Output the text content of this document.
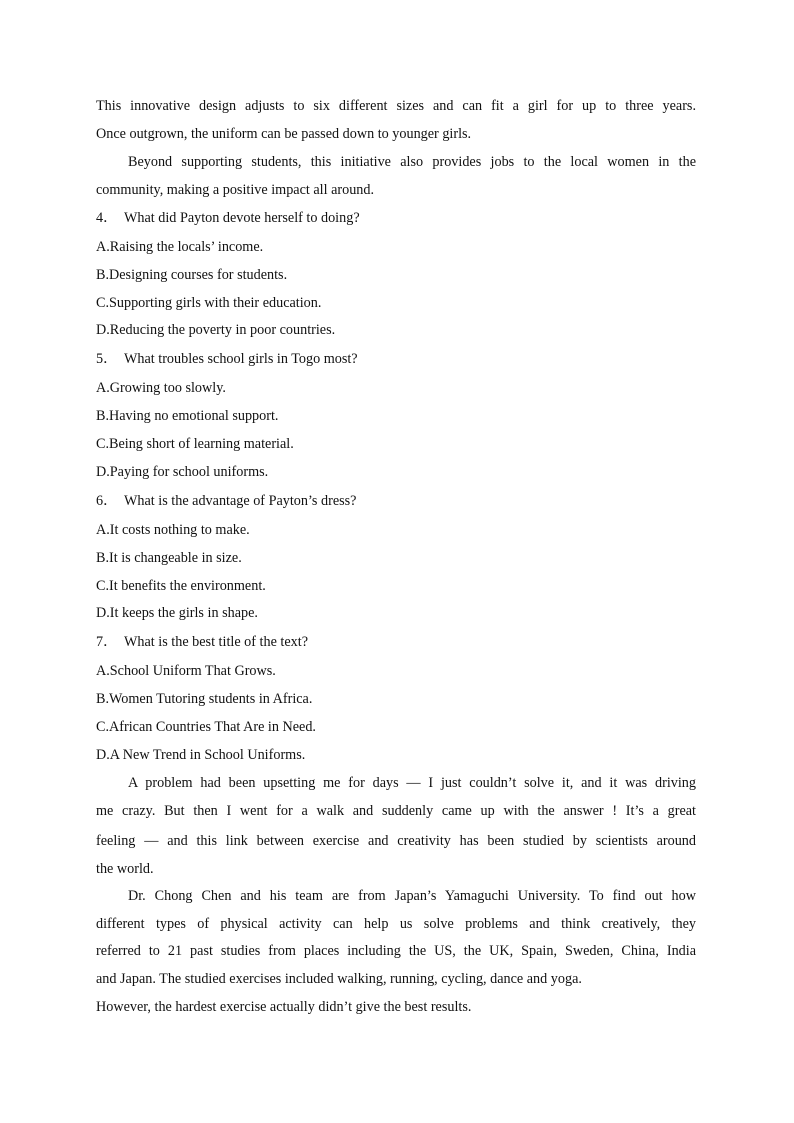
This innovative design adjusts to six different sizes and can fit a girl for up to three years.
Once outgrown, the uniform can be passed down to younger girls.
Beyond supporting students, this initiative also provides jobs to the local women in the
community, making a positive impact all around.
4． What did Payton devote herself to doing?
A.Raising the locals’ income.
B.Designing courses for students.
C.Supporting girls with their education.
D.Reducing the poverty in poor countries.
5． What troubles school girls in Togo most?
A.Growing too slowly.
B.Having no emotional support.
C.Being short of learning material.
D.Paying for school uniforms.
6． What is the advantage of Payton’s dress?
A.It costs nothing to make.
B.It is changeable in size.
C.It benefits the environment.
D.It keeps the girls in shape.
7． What is the best title of the text?
A.School Uniform That Grows.
B.Women Tutoring students in Africa.
C.African Countries That Are in Need.
D.A New Trend in School Uniforms.
A problem had been upsetting me for days — I just couldn’t solve it, and it was driving
me crazy. But then I went for a walk and suddenly came up with the answer ! It’s a great
feeling — and this link between exercise and creativity has been studied by scientists around
the world.
Dr. Chong Chen and his team are from Japan’s Yamaguchi University. To find out how
different types of physical activity can help us solve problems and think creatively, they
referred to 21 past studies from places including the US, the UK, Spain, Sweden, China, India
and Japan. The studied exercises included walking, running, cycling, dance and yoga.
However, the hardest exercise actually didn’t give the best results.
